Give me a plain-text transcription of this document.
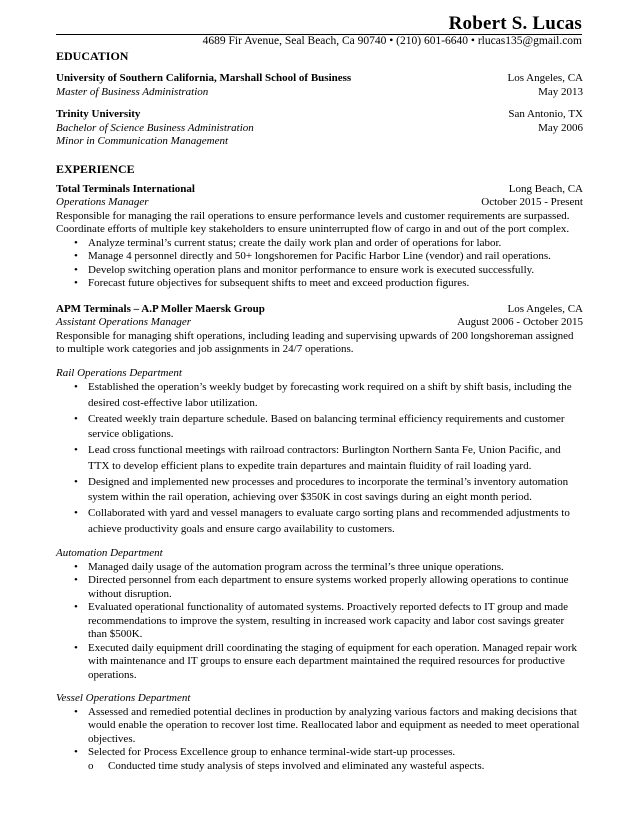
Robert S. Lucas
4689 Fir Avenue, Seal Beach, Ca 90740 • (210) 601-6640 • rlucas135@gmail.com
EDUCATION
University of Southern California, Marshall School of Business	Los Angeles, CA
Master of Business Administration	May 2013
Trinity University	San Antonio, TX
Bachelor of Science Business Administration	May 2006
Minor in Communication Management
EXPERIENCE
Total Terminals International	Long Beach, CA
Operations Manager	October 2015 - Present

Responsible for managing the rail operations to ensure performance levels and customer requirements are surpassed. Coordinate efforts of multiple key stakeholders to ensure uninterrupted flow of cargo in and out of the port complex.

• Analyze terminal’s current status; create the daily work plan and order of operations for labor.
• Manage 4 personnel directly and 50+ longshoremen for Pacific Harbor Line (vendor) and rail operations.
• Develop switching operation plans and monitor performance to ensure work is executed successfully.
• Forecast future objectives for subsequent shifts to meet and exceed production figures.
APM Terminals – A.P Moller Maersk Group	Los Angeles, CA
Assistant Operations Manager	August 2006 - October 2015

Responsible for managing shift operations, including leading and supervising upwards of 200 longshoreman assigned to multiple work categories and job assignments in 24/7 operations.

Rail Operations Department
• Established the operation’s weekly budget by forecasting work required on a shift by shift basis, including the desired cost-effective labor utilization.
• Created weekly train departure schedule. Based on balancing terminal efficiency requirements and customer service obligations.
• Lead cross functional meetings with railroad contractors: Burlington Northern Santa Fe, Union Pacific, and TTX to develop efficient plans to expedite train departures and maintain fluidity of rail loading yard.
• Designed and implemented new processes and procedures to incorporate the terminal’s inventory automation system within the rail operation, achieving over $350K in cost savings during an eight month period.
• Collaborated with yard and vessel managers to evaluate cargo sorting plans and recommended adjustments to achieve productivity goals and ensure cargo availability to customers.
Automation Department
• Managed daily usage of the automation program across the terminal’s three unique operations.
• Directed personnel from each department to ensure systems worked properly allowing operations to continue without disruption.
• Evaluated operational functionality of automated systems. Proactively reported defects to IT group and made recommendations to improve the system, resulting in increased work capacity and labor cost savings greater than $500K.
• Executed daily equipment drill coordinating the staging of equipment for each operation. Managed repair work with maintenance and IT groups to ensure each department maintained the required resources for productive operations.
Vessel Operations Department
• Assessed and remedied potential declines in production by analyzing various factors and making decisions that would enable the operation to recover lost time. Reallocated labor and equipment as needed to meet operational objectives.
• Selected for Process Excellence group to enhance terminal-wide start-up processes.
o Conducted time study analysis of steps involved and eliminated any wasteful aspects.
